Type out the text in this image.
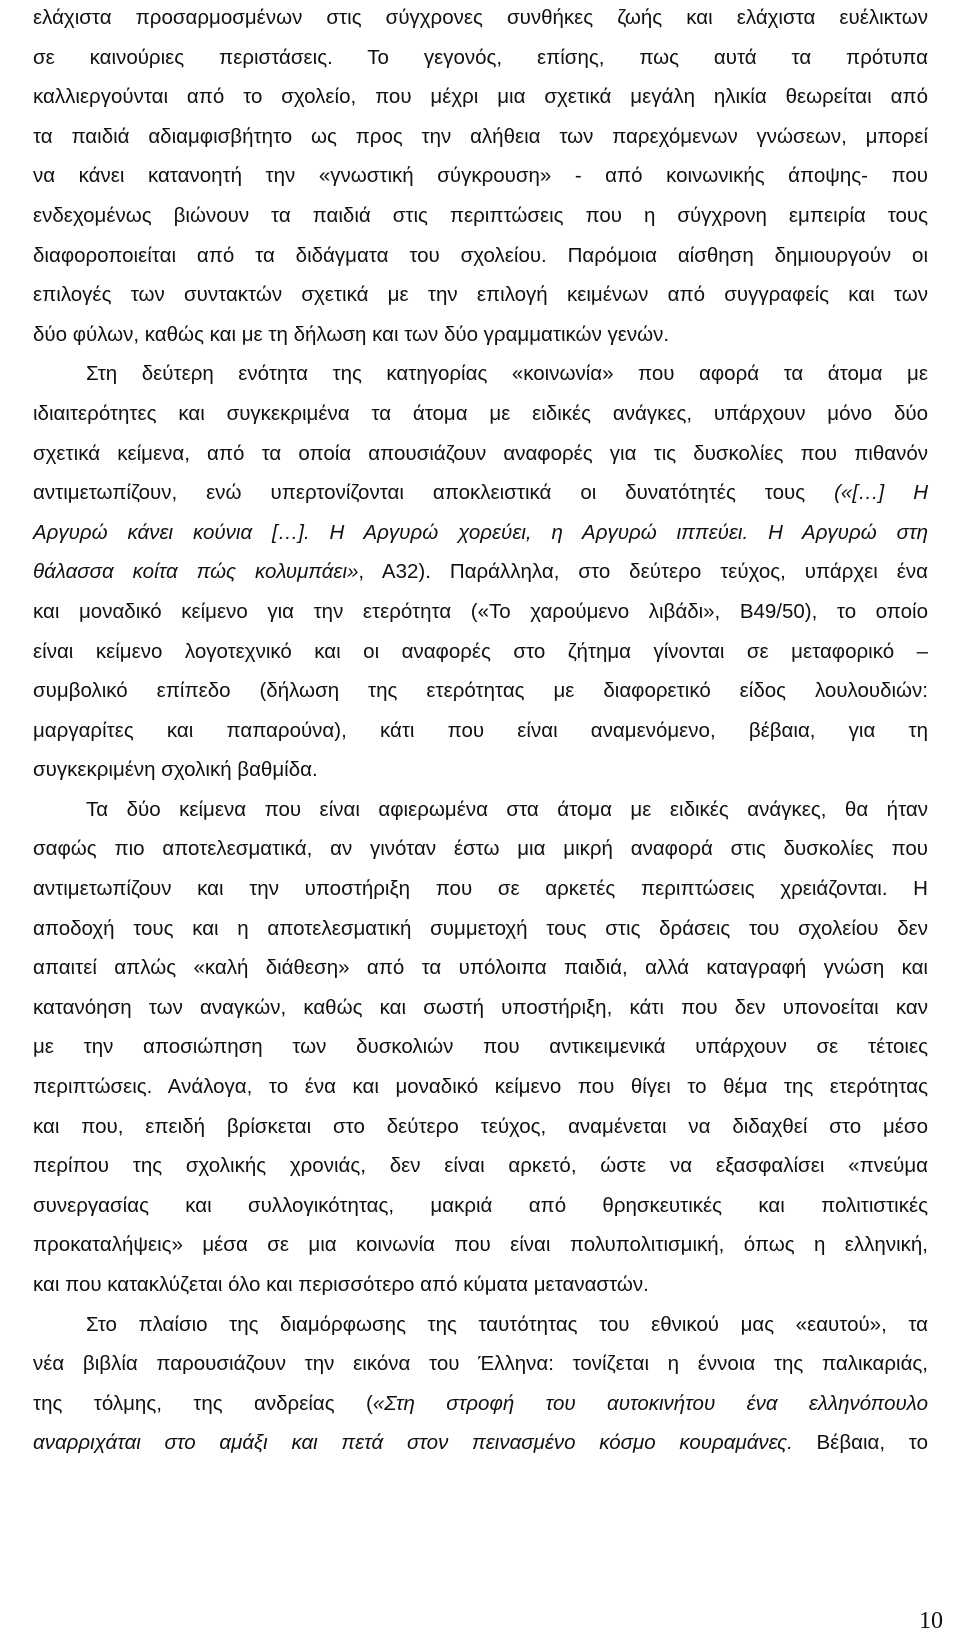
ελάχιστα προσαρμοσμένων στις σύγχρονες συνθήκες ζωής και ελάχιστα ευέλικτων
σε καινούριες περιστάσεις. Το γεγονός, επίσης, πως αυτά τα πρότυπα
καλλιεργούνται από το σχολείο, που μέχρι μια σχετικά μεγάλη ηλικία θεωρείται από
τα παιδιά αδιαμφισβήτητο ως προς την αλήθεια των παρεχόμενων γνώσεων, μπορεί
να κάνει κατανοητή την «γνωστική σύγκρουση» - από κοινωνικής άποψης- που
ενδεχομένως βιώνουν τα παιδιά στις περιπτώσεις που η σύγχρονη εμπειρία τους
διαφοροποιείται από τα διδάγματα του σχολείου. Παρόμοια αίσθηση δημιουργούν οι
επιλογές των συντακτών σχετικά με την επιλογή κειμένων από συγγραφείς και των
δύο φύλων, καθώς και με τη δήλωση και των δύο γραμματικών γενών.
Στη δεύτερη ενότητα της κατηγορίας «κοινωνία» που αφορά τα άτομα με
ιδιαιτερότητες και συγκεκριμένα τα άτομα με ειδικές ανάγκες, υπάρχουν μόνο δύο
σχετικά κείμενα, από τα οποία απουσιάζουν αναφορές για τις δυσκολίες που πιθανόν
αντιμετωπίζουν, ενώ υπερτονίζονται αποκλειστικά οι δυνατότητές τους («[…] Η
Αργυρώ κάνει κούνια […]. Η Αργυρώ χορεύει, η Αργυρώ ιππεύει. Η Αργυρώ στη
θάλασσα κοίτα πώς κολυμπάει», Α32). Παράλληλα, στο δεύτερο τεύχος, υπάρχει ένα
και μοναδικό κείμενο για την ετερότητα («Το χαρούμενο λιβάδι», Β49/50), το οποίο
είναι κείμενο λογοτεχνικό και οι αναφορές στο ζήτημα γίνονται σε μεταφορικό –
συμβολικό επίπεδο (δήλωση της ετερότητας με διαφορετικό είδος λουλουδιών:
μαργαρίτες και παπαρούνα), κάτι που είναι αναμενόμενο, βέβαια, για τη
συγκεκριμένη σχολική βαθμίδα.
Τα δύο κείμενα που είναι αφιερωμένα στα άτομα με ειδικές ανάγκες, θα ήταν
σαφώς πιο αποτελεσματικά, αν γινόταν έστω μια μικρή αναφορά στις δυσκολίες που
αντιμετωπίζουν και την υποστήριξη που σε αρκετές περιπτώσεις χρειάζονται. Η
αποδοχή τους και η αποτελεσματική συμμετοχή τους στις δράσεις του σχολείου δεν
απαιτεί απλώς «καλή διάθεση» από τα υπόλοιπα παιδιά, αλλά καταγραφή γνώση και
κατανόηση των αναγκών, καθώς και σωστή υποστήριξη, κάτι που δεν υπονοείται καν
με την αποσιώπηση των δυσκολιών που αντικειμενικά υπάρχουν σε τέτοιες
περιπτώσεις. Ανάλογα, το ένα και μοναδικό κείμενο που θίγει το θέμα της ετερότητας
και που, επειδή βρίσκεται στο δεύτερο τεύχος, αναμένεται να διδαχθεί στο μέσο
περίπου της σχολικής χρονιάς, δεν είναι αρκετό, ώστε να εξασφαλίσει «πνεύμα
συνεργασίας και συλλογικότητας, μακριά από θρησκευτικές και πολιτιστικές
προκαταλήψεις» μέσα σε μια κοινωνία που είναι πολυπολιτισμική, όπως η ελληνική,
και που κατακλύζεται όλο και περισσότερο από κύματα μεταναστών.
Στο πλαίσιο της διαμόρφωσης της ταυτότητας του εθνικού μας «εαυτού», τα
νέα βιβλία παρουσιάζουν την εικόνα του Έλληνα: τονίζεται η έννοια της παλικαριάς,
της τόλμης, της ανδρείας («Στη στροφή του αυτοκινήτου ένα ελληνόπουλο
αναρριχάται στο αμάξι και πετά στον πεινασμένο κόσμο κουραμάνες. Βέβαια, το
10
